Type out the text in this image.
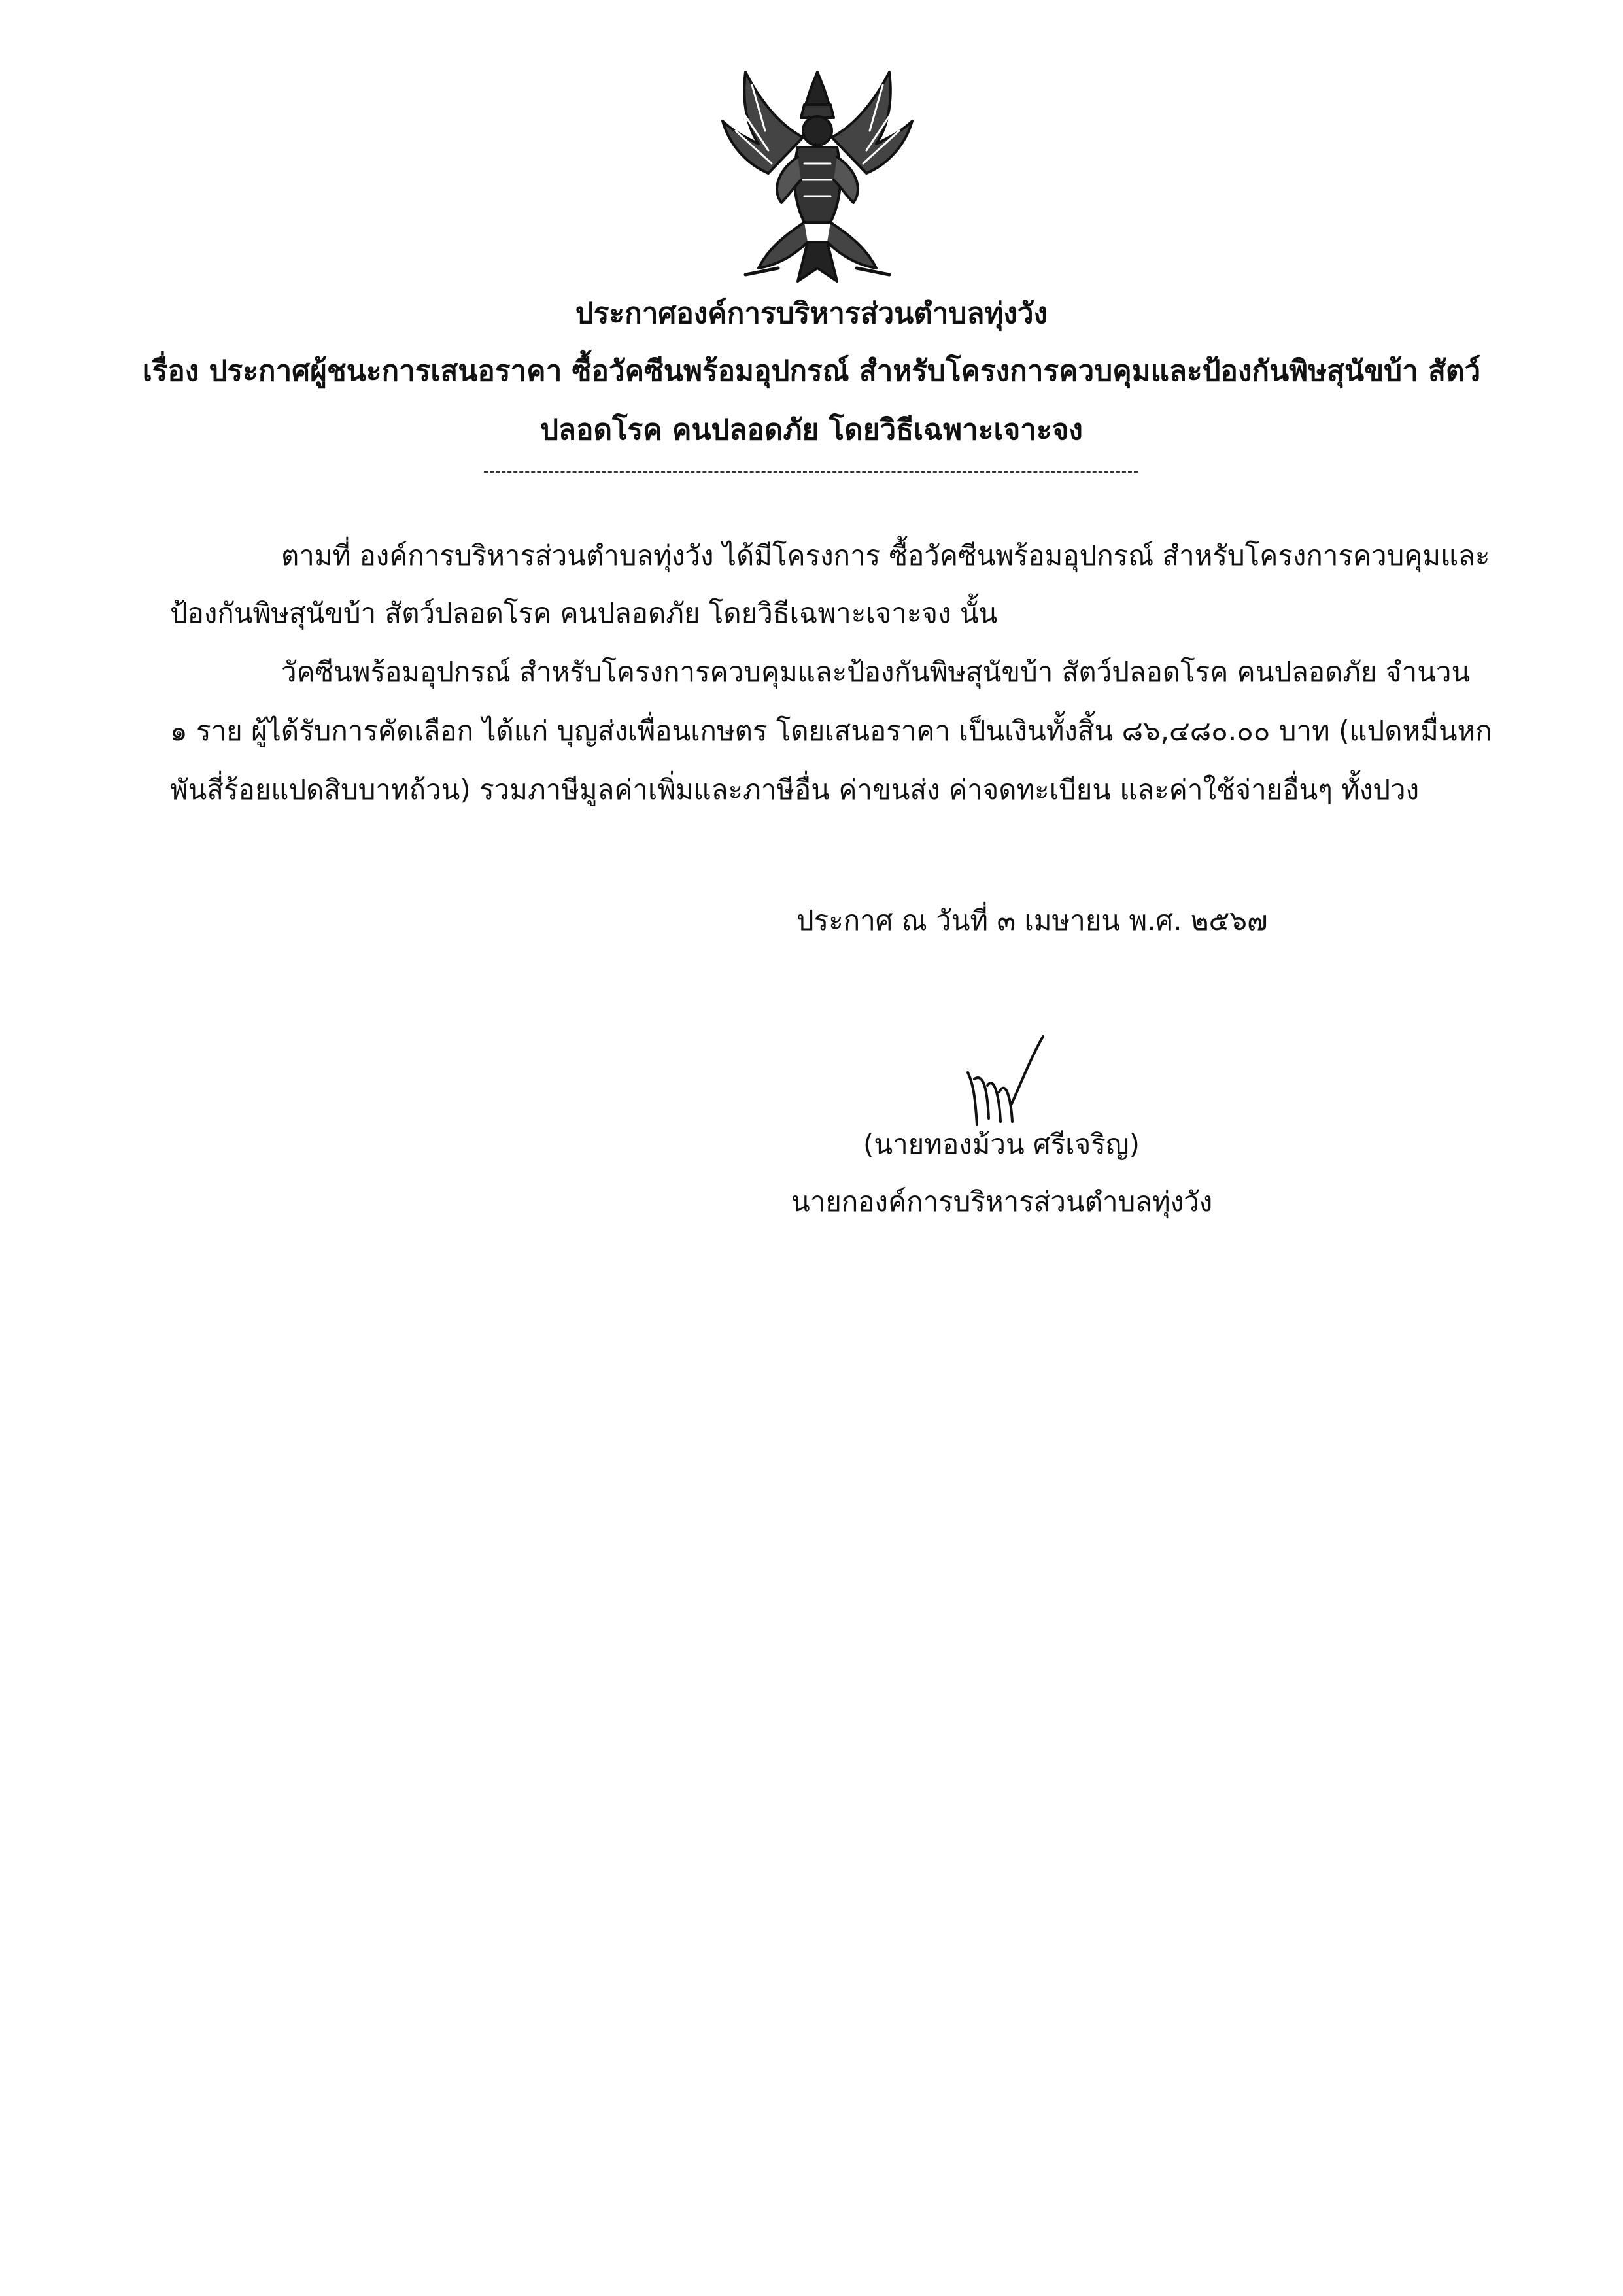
ประกาศองค์การบริหารส่วนตำบลทุ่งวัง
เรื่อง ประกาศผู้ชนะการเสนอราคา ซื้อวัคซีนพร้อมอุปกรณ์ สำหรับโครงการควบคุมและป้องกันพิษสุนัขบ้า สัตว์
ปลอดโรค คนปลอดภัย โดยวิธีเฉพาะเจาะจง
ตามที่ องค์การบริหารส่วนตำบลทุ่งวัง ได้มีโครงการ ซื้อวัคซีนพร้อมอุปกรณ์ สำหรับโครงการควบคุมและ
ป้องกันพิษสุนัขบ้า สัตว์ปลอดโรค คนปลอดภัย โดยวิธีเฉพาะเจาะจง นั้น
วัคซีนพร้อมอุปกรณ์ สำหรับโครงการควบคุมและป้องกันพิษสุนัขบ้า สัตว์ปลอดโรค คนปลอดภัย จำนวน
๑ ราย ผู้ได้รับการคัดเลือก ได้แก่ บุญส่งเพื่อนเกษตร โดยเสนอราคา เป็นเงินทั้งสิ้น ๘๖,๔๘๐.๐๐ บาท (แปดหมื่นหก
พันสี่ร้อยแปดสิบบาทถ้วน) รวมภาษีมูลค่าเพิ่มและภาษีอื่น ค่าขนส่ง ค่าจดทะเบียน และค่าใช้จ่ายอื่นๆ ทั้งปวง
ประกาศ ณ วันที่ ๓ เมษายน พ.ศ. ๒๕๖๗
(นายทองม้วน ศรีเจริญ)
นายกองค์การบริหารส่วนตำบลทุ่งวัง
